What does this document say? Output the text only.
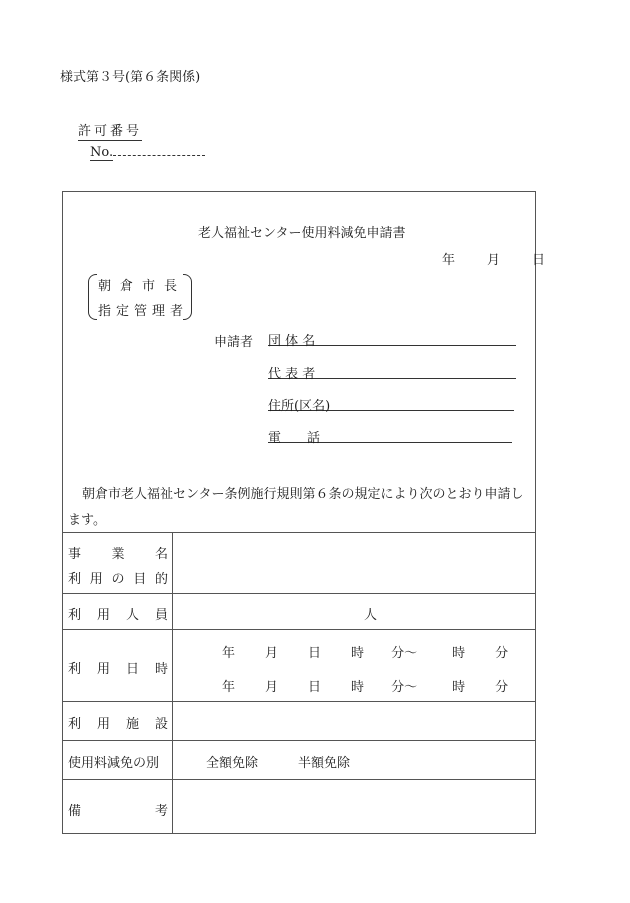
様式第３号(第６条関係)
許可番号
No.
老人福祉センター使用料減免申請書
年 月 日
朝倉市長
指定管理者
申請者 団 体 名
代 表 者
住所(区名)
電　　話
朝倉市老人福祉センター条例施行規則第６条の規定により次のとおり申請します。
事 業 名
利 用 の 目 的
利 用 人 員	人
利 用 日 時
年 月 日 時 分〜	時 分
年 月 日 時 分〜	時 分
利 用 施 設
使用料減免の別	全額免除	半額免除
備	考
